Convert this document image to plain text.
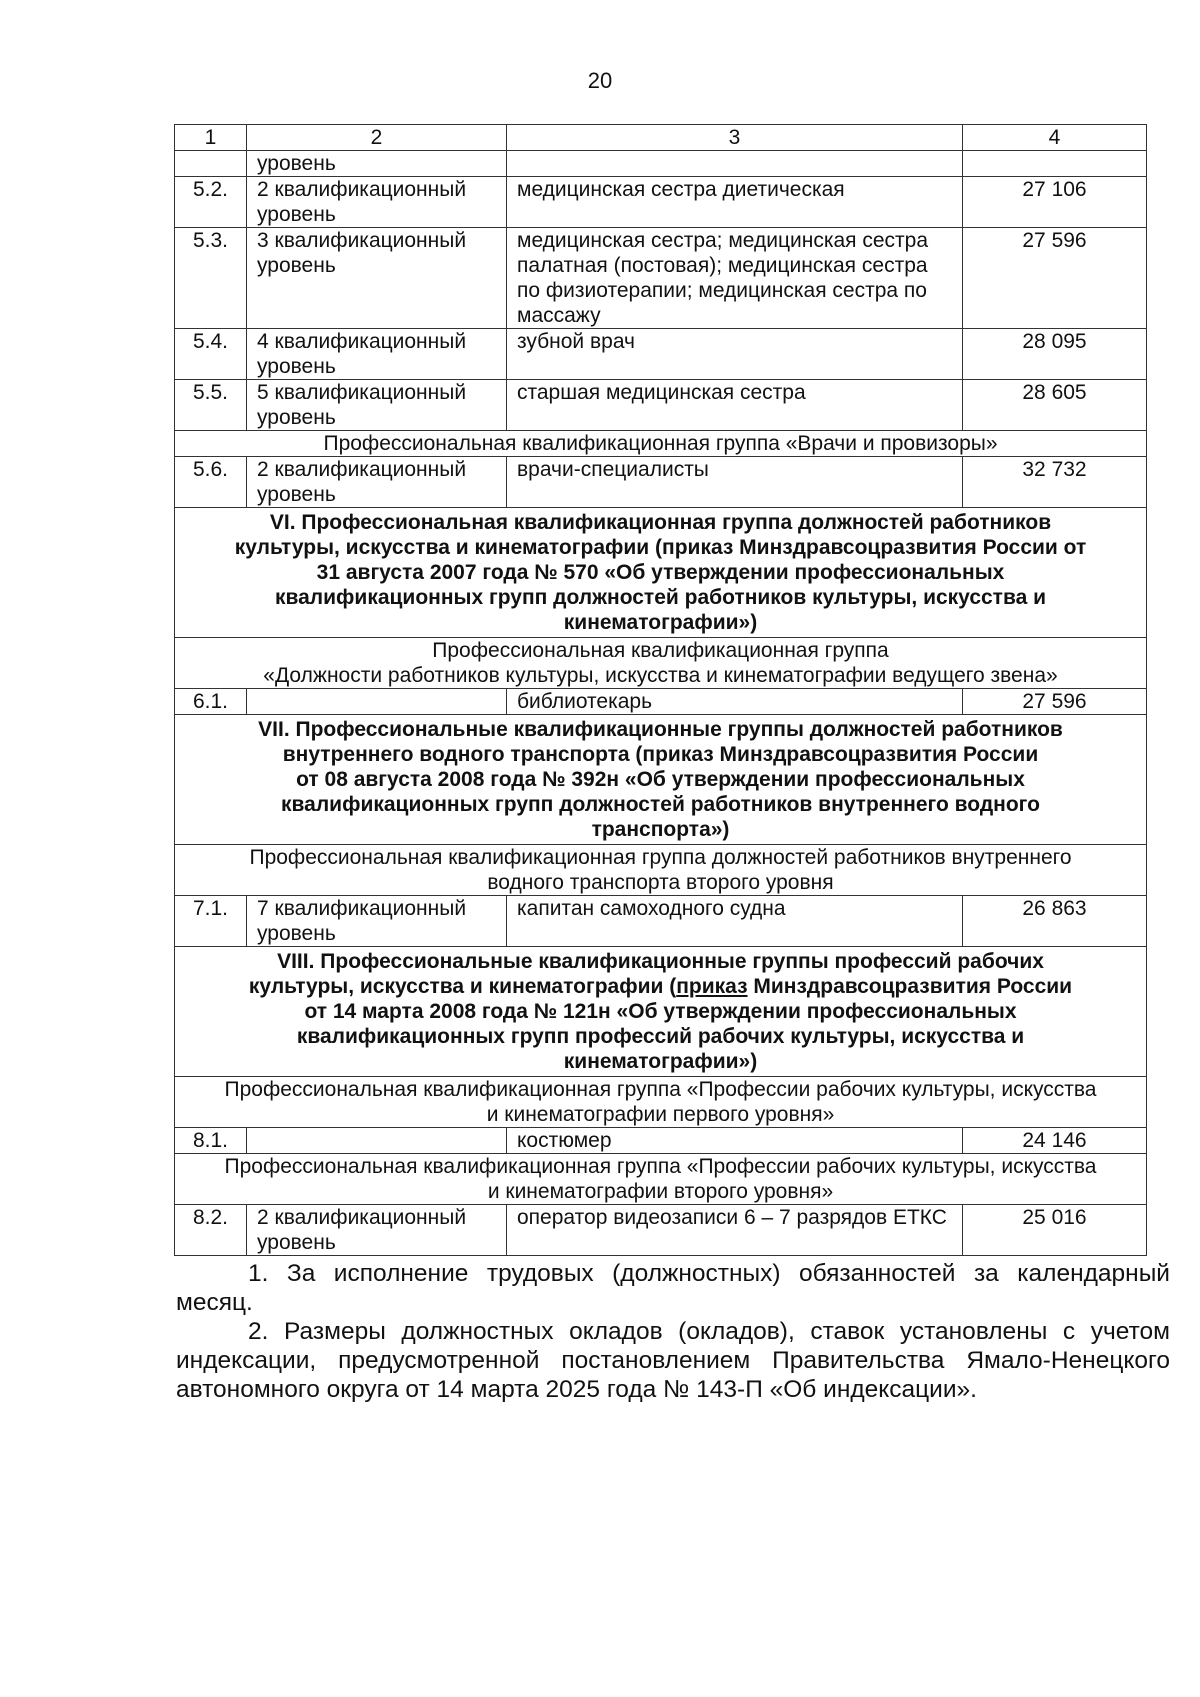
20
1	2	3	4
	уровень		
5.2.	2 квалификационный уровень	медицинская сестра диетическая	27 106
5.3.	3 квалификационный уровень	медицинская сестра; медицинская сестра палатная (постовая); медицинская сестра по физиотерапии; медицинская сестра по массажу	27 596
5.4.	4 квалификационный уровень	зубной врач	28 095
5.5.	5 квалификационный уровень	старшая медицинская сестра	28 605
Профессиональная квалификационная группа «Врачи и провизоры»			
5.6.	2 квалификационный уровень	врачи-специалисты	32 732

VI. Профессиональная квалификационная группа должностей работников
культуры, искусства и кинематографии (приказ Минздравсоцразвития России от
31 августа 2007 года № 570 «Об утверждении профессиональных
квалификационных групп должностей работников культуры, искусства и
кинематографии»)			

Профессиональная квалификационная группа
«Должности работников культуры, искусства и кинематографии ведущего звена»			

6.1.		библиотекарь	27 596

VII. Профессиональные квалификационные группы должностей работников
внутреннего водного транспорта (приказ Минздравсоцразвития России
от 08 августа 2008 года № 392н «Об утверждении профессиональных
квалификационных групп должностей работников внутреннего водного
транспорта»)			

Профессиональная квалификационная группа должностей работников внутреннего
водного транспорта второго уровня			

7.1.	7 квалификационный уровень	капитан самоходного судна	26 863

VIII. Профессиональные квалификационные группы профессий рабочих
культуры, искусства и кинематографии (приказ Минздравсоцразвития России
от 14 марта 2008 года № 121н «Об утверждении профессиональных
квалификационных групп профессий рабочих культуры, искусства и
кинематографии»)			

Профессиональная квалификационная группа «Профессии рабочих культуры, искусства
и кинематографии первого уровня»			

8.1.		костюмер	24 146

Профессиональная квалификационная группа «Профессии рабочих культуры, искусства
и кинематографии второго уровня»			

8.2.	2 квалификационный уровень	оператор видеозаписи 6 – 7 разрядов ЕТКС	25 016

1. За исполнение трудовых (должностных) обязанностей за календарный месяц.

2. Размеры должностных окладов (окладов), ставок установлены с учетом индексации, предусмотренной постановлением Правительства Ямало-Ненецкого автономного округа от 14 марта 2025 года № 143-П «Об индексации».
